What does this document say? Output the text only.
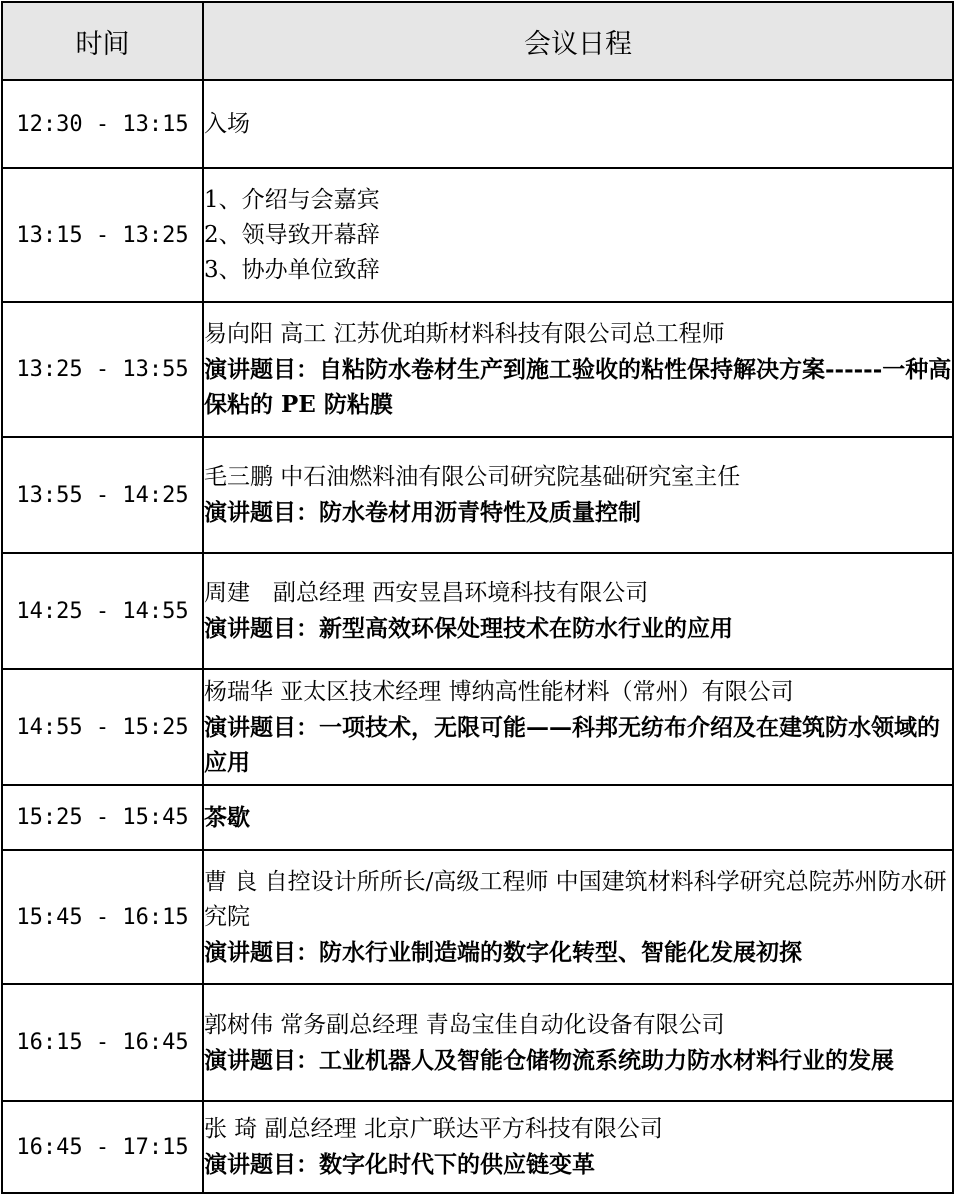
时间	会议日程
12:30 - 13:15	入场

13:15 - 13:25	1、介绍与会嘉宾
2、领导致开幕辞
3、协办单位致辞

13:25 - 13:55	易向阳 高工 江苏优珀斯材料科技有限公司总工程师
演讲题目：自粘防水卷材生产到施工验收的粘性保持解决方案------一种高保粘的 PE 防粘膜

13:55 - 14:25	毛三鹏 中石油燃料油有限公司研究院基础研究室主任
演讲题目：防水卷材用沥青特性及质量控制

14:25 - 14:55	周建　副总经理 西安昱昌环境科技有限公司
演讲题目：新型高效环保处理技术在防水行业的应用

14:55 - 15:25	杨瑞华 亚太区技术经理 博纳高性能材料（常州）有限公司
演讲题目：一项技术，无限可能——科邦无纺布介绍及在建筑防水领域的应用

15:25 - 15:45	茶歇

15:45 - 16:15	曹 良 自控设计所所长/高级工程师 中国建筑材料科学研究总院苏州防水研究院
演讲题目：防水行业制造端的数字化转型、智能化发展初探

16:15 - 16:45	郭树伟 常务副总经理 青岛宝佳自动化设备有限公司
演讲题目：工业机器人及智能仓储物流系统助力防水材料行业的发展

16:45 - 17:15	张 琦 副总经理 北京广联达平方科技有限公司
演讲题目：数字化时代下的供应链变革
